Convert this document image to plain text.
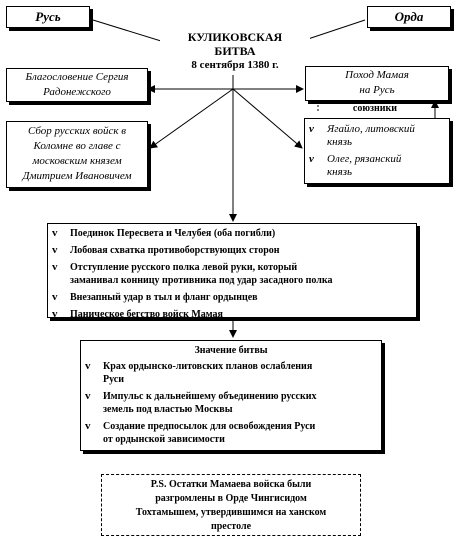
Русь	Орда
КУЛИКОВСКАЯ
БИТВА
8 сентября 1380 г.
Благословение Сергия
Радонежского
Поход Мамая
на Русь
союзники
Сбор русских войск в
Коломне во главе с
московским князем
Дмитрием Ивановичем
v Ягайло, литовский
князь
v Олег, рязанский
князь
v Поединок Пересвета и Челубея (оба погибли)
v Лобовая схватка противоборствующих сторон
v Отступление русского полка левой руки, который
заманивал конницу противника под удар засадного полка
v Внезапный удар в тыл и фланг ордынцев
v Паническое бегство войск Мамая
Значение битвы
v Крах ордынско-литовских планов ослабления
Руси
v Импульс к дальнейшему объединению русских
земель под властью Москвы
v Создание предпосылок для освобождения Руси
от ордынской зависимости
P.S. Остатки Мамаева войска были
разгромлены в Орде Чингисидом
Тохтамышем, утвердившимся на ханском
престоле
